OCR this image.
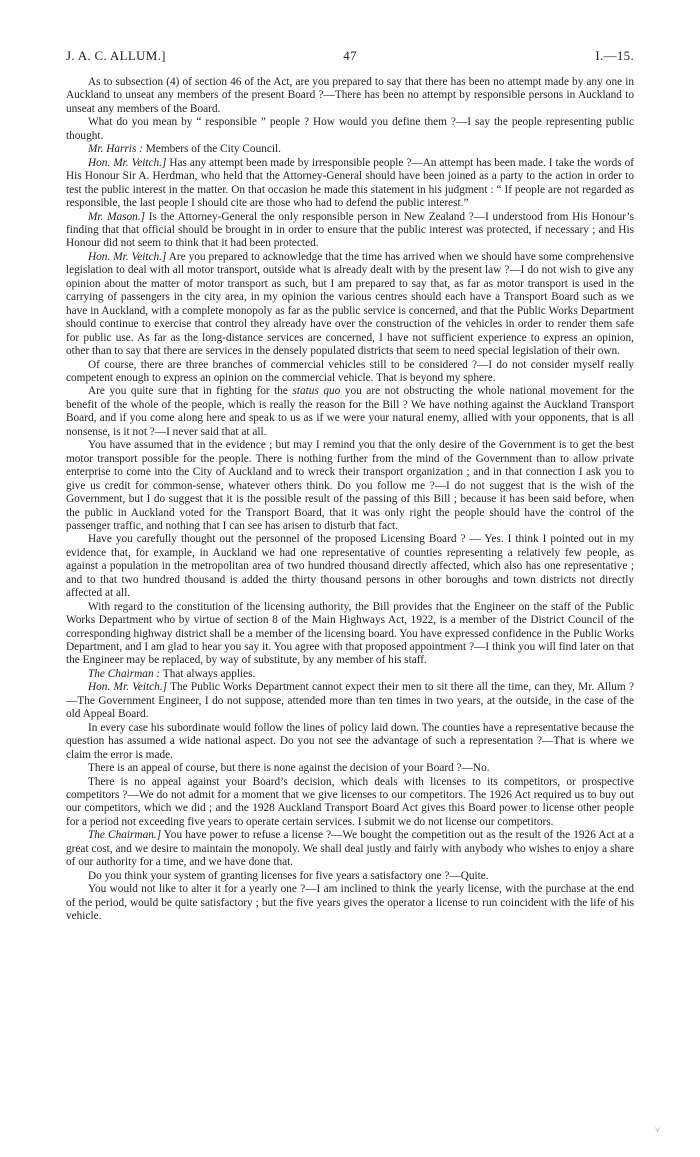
J. A. C. ALLUM.]	47	I.—15.

As to subsection (4) of section 46 of the Act, are you prepared to say that there has been no attempt made by any one in Auckland to unseat any members of the present Board ?—There has been no attempt by responsible persons in Auckland to unseat any members of the Board.

What do you mean by “ responsible ” people ? How would you define them ?—I say the people representing public thought.

Mr. Harris : Members of the City Council.

Hon. Mr. Veitch.] Has any attempt been made by irresponsible people ?—An attempt has been made. I take the words of His Honour Sir A. Herdman, who held that the Attorney-General should have been joined as a party to the action in order to test the public interest in the matter. On that occasion he made this statement in his judgment : “ If people are not regarded as responsible, the last people I should cite are those who had to defend the public interest.”

Mr. Mason.] Is the Attorney-General the only responsible person in New Zealand ?—I understood from His Honour’s finding that that official should be brought in in order to ensure that the public interest was protected, if necessary ; and His Honour did not seem to think that it had been protected.

Hon. Mr. Veitch.] Are you prepared to acknowledge that the time has arrived when we should have some comprehensive legislation to deal with all motor transport, outside what is already dealt with by the present law ?—I do not wish to give any opinion about the matter of motor transport as such, but I am prepared to say that, as far as motor transport is used in the carrying of passengers in the city area, in my opinion the various centres should each have a Transport Board such as we have in Auckland, with a complete monopoly as far as the public service is concerned, and that the Public Works Department should continue to exercise that control they already have over the construction of the vehicles in order to render them safe for public use. As far as the long-distance services are concerned, I have not sufficient experience to express an opinion, other than to say that there are services in the densely populated districts that seem to need special legislation of their own.

Of course, there are three branches of commercial vehicles still to be considered ?—I do not consider myself really competent enough to express an opinion on the commercial vehicle. That is beyond my sphere.

Are you quite sure that in fighting for the status quo you are not obstructing the whole national movement for the benefit of the whole of the people, which is really the reason for the Bill ? We have nothing against the Auckland Transport Board, and if you come along here and speak to us as if we were your natural enemy, allied with your opponents, that is all nonsense, is it not ?—I never said that at all.

You have assumed that in the evidence ; but may I remind you that the only desire of the Government is to get the best motor transport possible for the people. There is nothing further from the mind of the Government than to allow private enterprise to come into the City of Auckland and to wreck their transport organization ; and in that connection I ask you to give us credit for common-sense, whatever others think. Do you follow me ?—I do not suggest that is the wish of the Government, but I do suggest that it is the possible result of the passing of this Bill ; because it has been said before, when the public in Auckland voted for the Transport Board, that it was only right the people should have the control of the passenger traffic, and nothing that I can see has arisen to disturb that fact.

Have you carefully thought out the personnel of the proposed Licensing Board ? — Yes. I think I pointed out in my evidence that, for example, in Auckland we had one representative of counties representing a relatively few people, as against a population in the metropolitan area of two hundred thousand directly affected, which also has one representative ; and to that two hundred thousand is added the thirty thousand persons in other boroughs and town districts not directly affected at all.

With regard to the constitution of the licensing authority, the Bill provides that the Engineer on the staff of the Public Works Department who by virtue of section 8 of the Main Highways Act, 1922, is a member of the District Council of the corresponding highway district shall be a member of the licensing board. You have expressed confidence in the Public Works Department, and I am glad to hear you say it. You agree with that proposed appointment ?—I think you will find later on that the Engineer may be replaced, by way of substitute, by any member of his staff.

The Chairman : That always applies.

Hon. Mr. Veitch.] The Public Works Department cannot expect their men to sit there all the time, can they, Mr. Allum ?—The Government Engineer, I do not suppose, attended more than ten times in two years, at the outside, in the case of the old Appeal Board.

In every case his subordinate would follow the lines of policy laid down. The counties have a representative because the question has assumed a wide national aspect. Do you not see the advantage of such a representation ?—That is where we claim the error is made.

There is an appeal of course, but there is none against the decision of your Board ?—No.

There is no appeal against your Board’s decision, which deals with licenses to its competitors, or prospective competitors ?—We do not admit for a moment that we give licenses to our competitors. The 1926 Act required us to buy out our competitors, which we did ; and the 1928 Auckland Transport Board Act gives this Board power to license other people for a period not exceeding five years to operate certain services. I submit we do not license our competitors.

The Chairman.] You have power to refuse a license ?—We bought the competition out as the result of the 1926 Act at a great cost, and we desire to maintain the monopoly. We shall deal justly and fairly with anybody who wishes to enjoy a share of our authority for a time, and we have done that.

Do you think your system of granting licenses for five years a satisfactory one ?—Quite.

You would not like to alter it for a yearly one ?—I am inclined to think the yearly license, with the purchase at the end of the period, would be quite satisfactory ; but the five years gives the operator a license to run coincident with the life of his vehicle.

˅
